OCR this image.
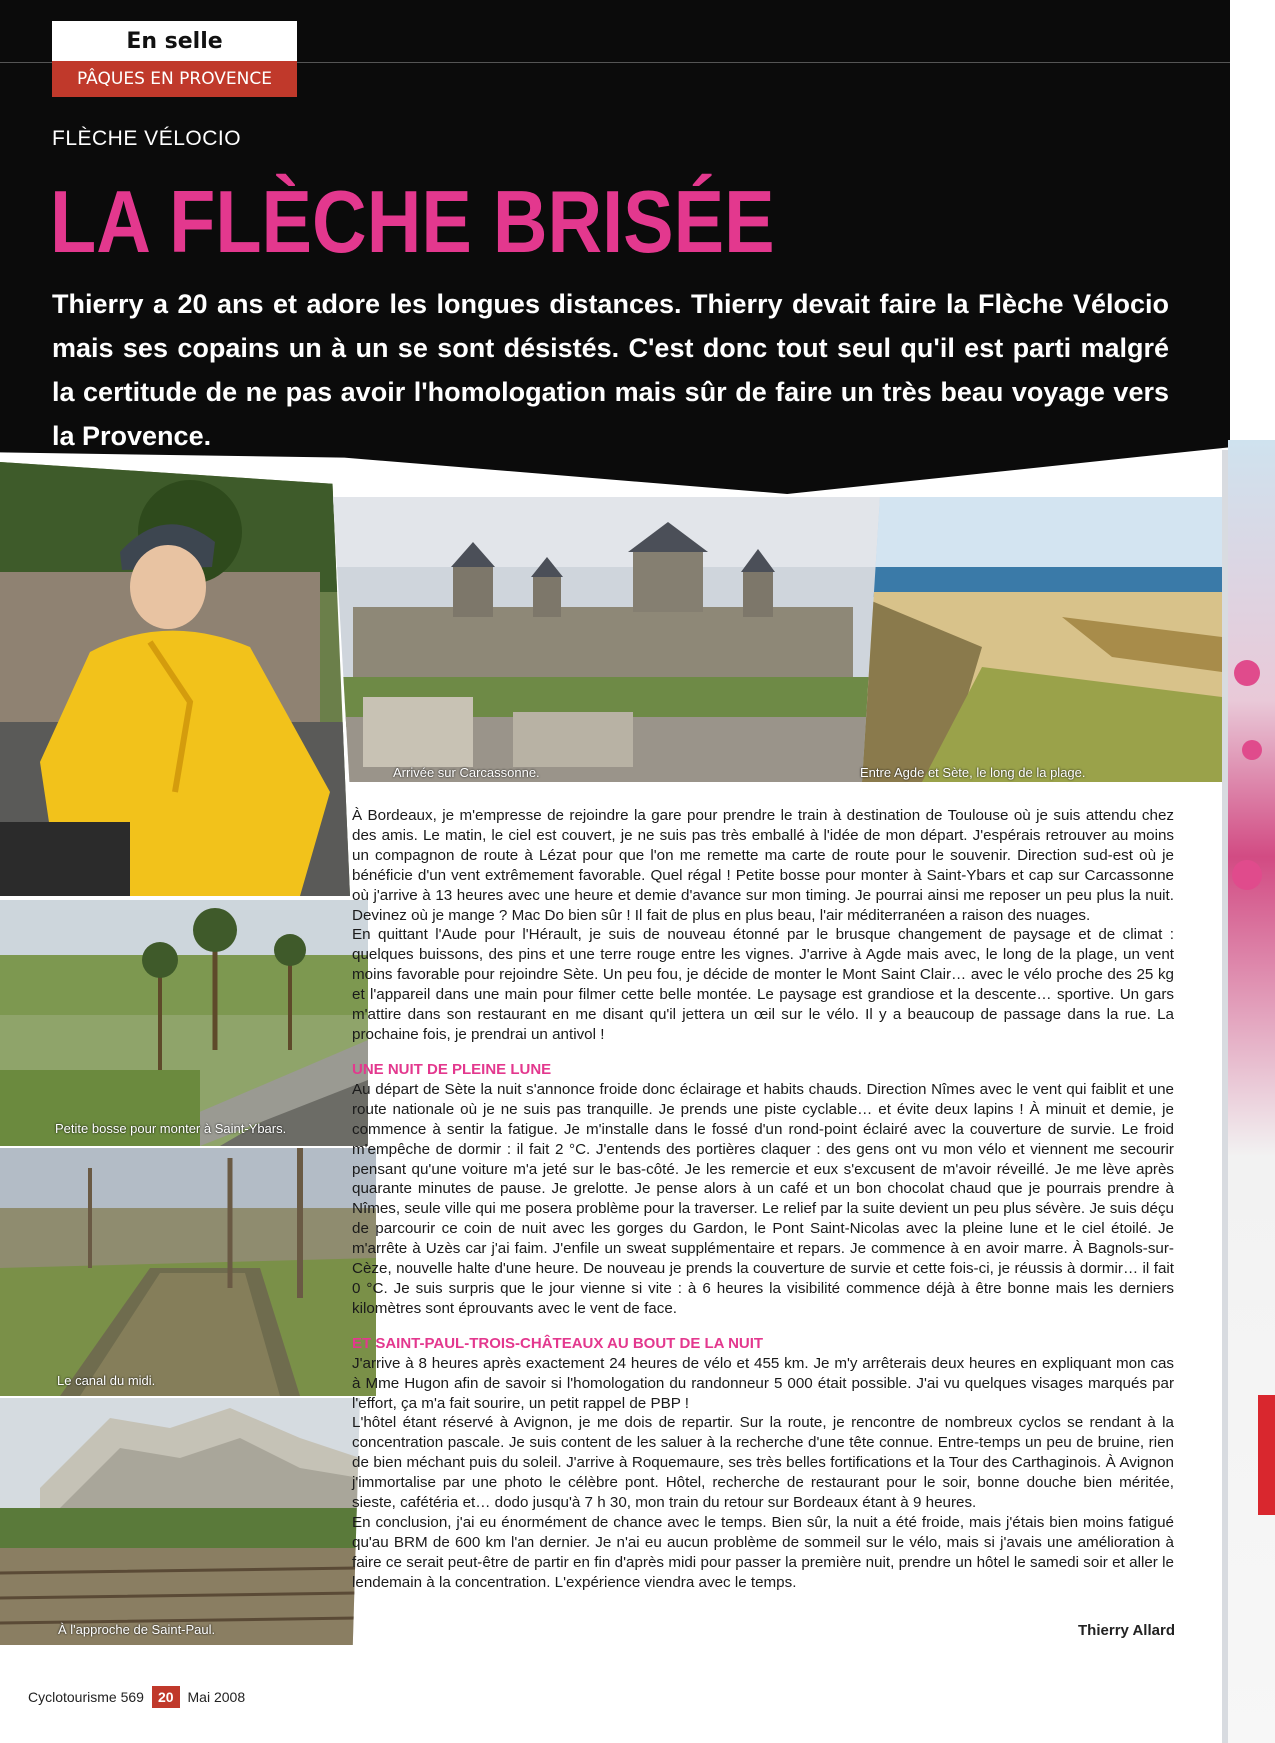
En selle
PÂQUES EN PROVENCE
FLÈCHE VÉLOCIO
LA FLÈCHE BRISÉE

Thierry a 20 ans et adore les longues distances. Thierry devait faire la Flèche Vélocio mais ses copains un à un se sont désistés. C'est donc tout seul qu'il est parti malgré la certitude de ne pas avoir l'homologation mais sûr de faire un très beau voyage vers la Provence.

Arrivée sur Carcassonne.	Entre Agde et Sète, le long de la plage.
Petite bosse pour monter à Saint-Ybars.
Le canal du midi.
À l'approche de Saint-Paul.

À Bordeaux, je m'empresse de rejoindre la gare pour prendre le train à destination de Toulouse où je suis attendu chez des amis. Le matin, le ciel est couvert, je ne suis pas très emballé à l'idée de mon départ. J'espérais retrouver au moins un compagnon de route à Lézat pour que l'on me remette ma carte de route pour le souvenir. Direction sud-est où je bénéficie d'un vent extrêmement favorable. Quel régal ! Petite bosse pour monter à Saint-Ybars et cap sur Carcassonne où j'arrive à 13 heures avec une heure et demie d'avance sur mon timing. Je pourrai ainsi me reposer un peu plus la nuit. Devinez où je mange ? Mac Do bien sûr ! Il fait de plus en plus beau, l'air méditerranéen a raison des nuages.

En quittant l'Aude pour l'Hérault, je suis de nouveau étonné par le brusque changement de paysage et de climat : quelques buissons, des pins et une terre rouge entre les vignes. J'arrive à Agde mais avec, le long de la plage, un vent moins favorable pour rejoindre Sète. Un peu fou, je décide de monter le Mont Saint Clair… avec le vélo proche des 25 kg et l'appareil dans une main pour filmer cette belle montée. Le paysage est grandiose et la descente… sportive. Un gars m'attire dans son restaurant en me disant qu'il jettera un œil sur le vélo. Il y a beaucoup de passage dans la rue. La prochaine fois, je prendrai un antivol !

UNE NUIT DE PLEINE LUNE

Au départ de Sète la nuit s'annonce froide donc éclairage et habits chauds. Direction Nîmes avec le vent qui faiblit et une route nationale où je ne suis pas tranquille. Je prends une piste cyclable… et évite deux lapins ! À minuit et demie, je commence à sentir la fatigue. Je m'installe dans le fossé d'un rond-point éclairé avec la couverture de survie. Le froid m'empêche de dormir : il fait 2 °C. J'entends des portières claquer : des gens ont vu mon vélo et viennent me secourir pensant qu'une voiture m'a jeté sur le bas-côté. Je les remercie et eux s'excusent de m'avoir réveillé. Je me lève après quarante minutes de pause. Je grelotte. Je pense alors à un café et un bon chocolat chaud que je pourrais prendre à Nîmes, seule ville qui me posera problème pour la traverser. Le relief par la suite devient un peu plus sévère. Je suis déçu de parcourir ce coin de nuit avec les gorges du Gardon, le Pont Saint-Nicolas avec la pleine lune et le ciel étoilé. Je m'arrête à Uzès car j'ai faim. J'enfile un sweat supplémentaire et repars. Je commence à en avoir marre. À Bagnols-sur-Cèze, nouvelle halte d'une heure. De nouveau je prends la couverture de survie et cette fois-ci, je réussis à dormir… il fait 0 °C. Je suis surpris que le jour vienne si vite : à 6 heures la visibilité commence déjà à être bonne mais les derniers kilomètres sont éprouvants avec le vent de face.

ET SAINT-PAUL-TROIS-CHÂTEAUX AU BOUT DE LA NUIT

J'arrive à 8 heures après exactement 24 heures de vélo et 455 km. Je m'y arrêterais deux heures en expliquant mon cas à Mme Hugon afin de savoir si l'homologation du randonneur 5 000 était possible. J'ai vu quelques visages marqués par l'effort, ça m'a fait sourire, un petit rappel de PBP !

L'hôtel étant réservé à Avignon, je me dois de repartir. Sur la route, je rencontre de nombreux cyclos se rendant à la concentration pascale. Je suis content de les saluer à la recherche d'une tête connue. Entre-temps un peu de bruine, rien de bien méchant puis du soleil. J'arrive à Roquemaure, ses très belles fortifications et la Tour des Carthaginois. À Avignon j'immortalise par une photo le célèbre pont. Hôtel, recherche de restaurant pour le soir, bonne douche bien méritée, sieste, cafétéria et… dodo jusqu'à 7 h 30, mon train du retour sur Bordeaux étant à 9 heures.

En conclusion, j'ai eu énormément de chance avec le temps. Bien sûr, la nuit a été froide, mais j'étais bien moins fatigué qu'au BRM de 600 km l'an dernier. Je n'ai eu aucun problème de sommeil sur le vélo, mais si j'avais une amélioration à faire ce serait peut-être de partir en fin d'après midi pour passer la première nuit, prendre un hôtel le samedi soir et aller le lendemain à la concentration. L'expérience viendra avec le temps.

Thierry Allard
Cyclotourisme 569	20	Mai 2008
